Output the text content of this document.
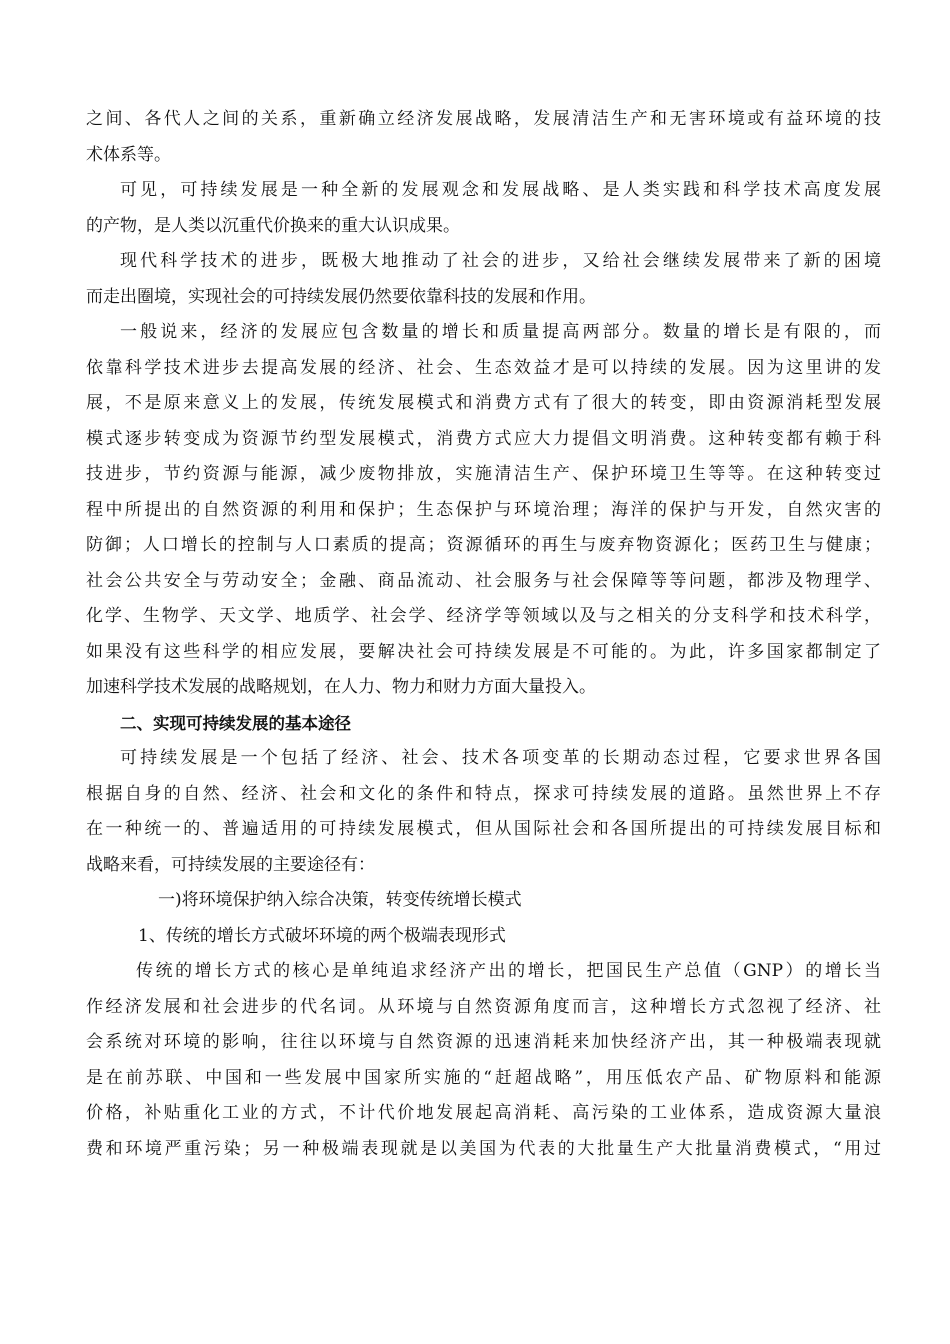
之间、各代人之间的关系，重新确立经济发展战略，发展清洁生产和无害环境或有益环境的技
术体系等。
可见，可持续发展是一种全新的发展观念和发展战略、是人类实践和科学技术高度发展
的产物，是人类以沉重代价换来的重大认识成果。
现代科学技术的进步，既极大地推动了社会的进步，又给社会继续发展带来了新的困境
而走出圈境，实现社会的可持续发展仍然要依靠科技的发展和作用。
一般说来，经济的发展应包含数量的增长和质量提高两部分。数量的增长是有限的，而
依靠科学技术进步去提高发展的经济、社会、生态效益才是可以持续的发展。因为这里讲的发
展，不是原来意义上的发展，传统发展模式和消费方式有了很大的转变，即由资源消耗型发展
模式逐步转变成为资源节约型发展模式，消费方式应大力提倡文明消费。这种转变都有赖于科
技进步，节约资源与能源，减少废物排放，实施清洁生产、保护环境卫生等等。在这种转变过
程中所提出的自然资源的利用和保护；生态保护与环境治理；海洋的保护与开发，自然灾害的
防御；人口增长的控制与人口素质的提高；资源循环的再生与废弃物资源化；医药卫生与健康；
社会公共安全与劳动安全；金融、商品流动、社会服务与社会保障等等问题，都涉及物理学、
化学、生物学、天文学、地质学、社会学、经济学等领域以及与之相关的分支科学和技术科学，
如果没有这些科学的相应发展，要解决社会可持续发展是不可能的。为此，许多国家都制定了
加速科学技术发展的战略规划，在人力、物力和财力方面大量投入。
二、实现可持续发展的基本途径
可持续发展是一个包括了经济、社会、技术各项变革的长期动态过程，它要求世界各国
根据自身的自然、经济、社会和文化的条件和特点，探求可持续发展的道路。虽然世界上不存
在一种统一的、普遍适用的可持续发展模式，但从国际社会和各国所提出的可持续发展目标和
战略来看，可持续发展的主要途径有：
一)将环境保护纳入综合决策，转变传统增长模式
1、传统的增长方式破坏环境的两个极端表现形式
传统的增长方式的核心是单纯追求经济产出的增长，把国民生产总值（GNP）的增长当
作经济发展和社会进步的代名词。从环境与自然资源角度而言，这种增长方式忽视了经济、社
会系统对环境的影响，往往以环境与自然资源的迅速消耗来加快经济产出，其一种极端表现就
是在前苏联、中国和一些发展中国家所实施的“赶超战略”，用压低农产品、矿物原料和能源
价格，补贴重化工业的方式，不计代价地发展起高消耗、高污染的工业体系，造成资源大量浪
费和环境严重污染；另一种极端表现就是以美国为代表的大批量生产大批量消费模式，“用过
